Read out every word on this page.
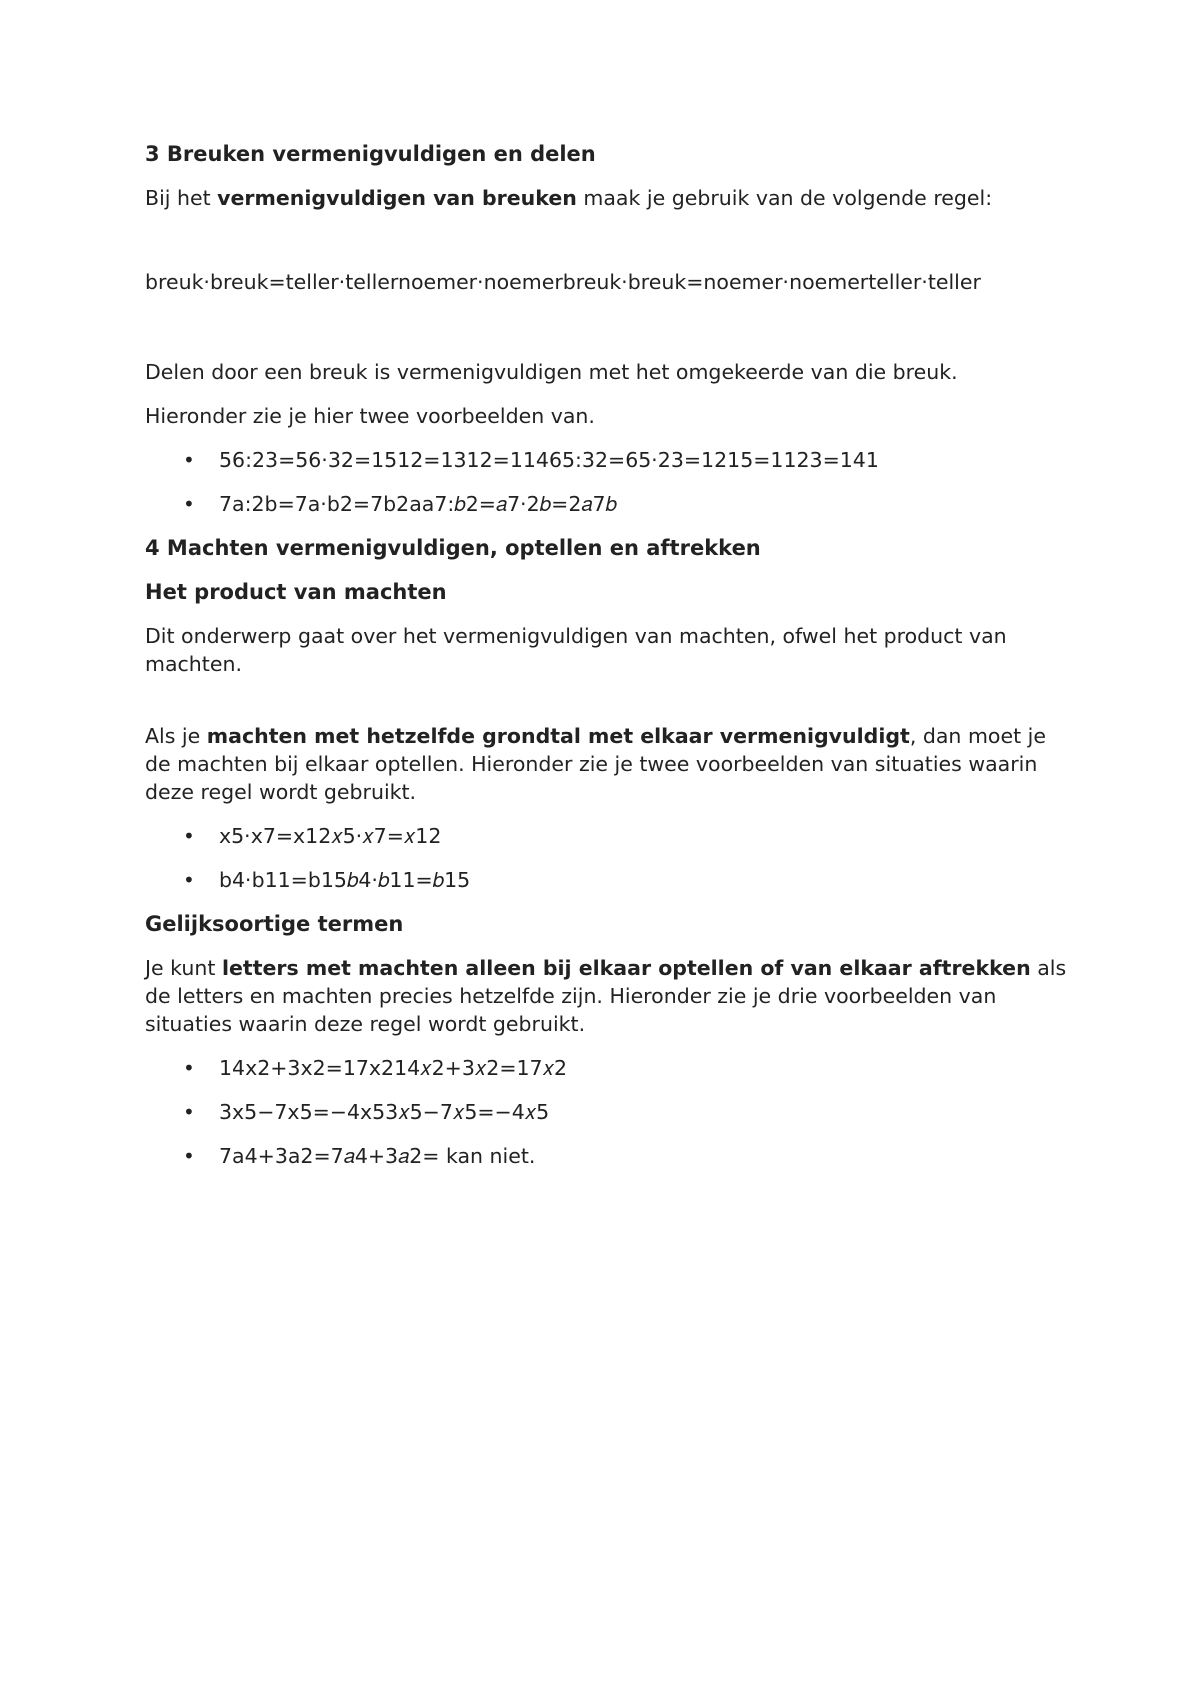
3 Breuken vermenigvuldigen en delen

Bij het vermenigvuldigen van breuken maak je gebruik van de volgende regel:

breuk⋅breuk=teller⋅tellernoemer⋅noemerbreuk⋅breuk=noemer⋅noemerteller⋅teller

Delen door een breuk is vermenigvuldigen met het omgekeerde van die breuk.

Hieronder zie je hier twee voorbeelden van.

• 56:23=56⋅32=1512=1312=11465:32=65⋅23=1215=1123=141
• 7a:2b=7a⋅b2=7b2aa7:𝑏2=𝑎7⋅2𝑏=2𝑎7𝑏
4 Machten vermenigvuldigen, optellen en aftrekken
Het product van machten

Dit onderwerp gaat over het vermenigvuldigen van machten, ofwel het product van machten.

Als je machten met hetzelfde grondtal met elkaar vermenigvuldigt, dan moet je de machten bij elkaar optellen. Hieronder zie je twee voorbeelden van situaties waarin deze regel wordt gebruikt.

• x5⋅x7=x12𝑥5⋅𝑥7=𝑥12
• b4⋅b11=b15𝑏4⋅𝑏11=𝑏15
Gelijksoortige termen

Je kunt letters met machten alleen bij elkaar optellen of van elkaar aftrekken als de letters en machten precies hetzelfde zijn. Hieronder zie je drie voorbeelden van situaties waarin deze regel wordt gebruikt.

• 14x2+3x2=17x214𝑥2+3𝑥2=17𝑥2
• 3x5−7x5=−4x53𝑥5−7𝑥5=−4𝑥5
• 7a4+3a2=7𝑎4+3𝑎2= kan niet.
